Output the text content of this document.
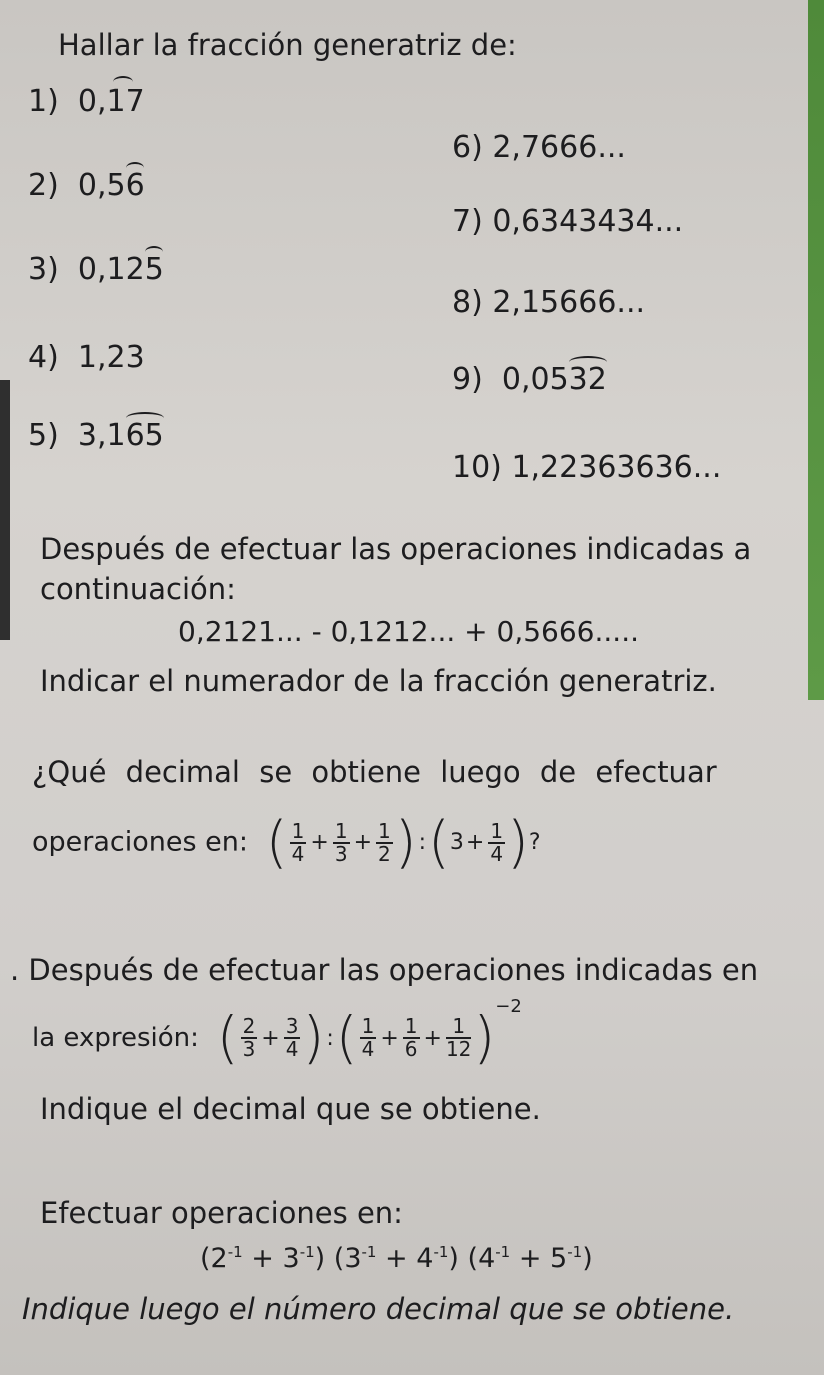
Hallar la fracción generatriz de:
1) 0,17
2) 0,56
3) 0,125
4) 1,23
5) 3,165
6) 2,7666...
7) 0,6343434...
8) 2,15666...
9) 0,0532
10) 1,22363636...
Después de efectuar las operaciones indicadas a
continuación:
0,2121... - 0,1212... + 0,5666.....
Indicar el numerador de la fracción generatriz.
¿Qué decimal se obtiene luego de efectuar
operaciones en: ( $\frac{1}{4} + \frac{1}{3} + \frac{1}{2}$ ):(3+ $\frac{1}{4}$ )?
. Después de efectuar las operaciones indicadas en
la expresión: ( $\frac{2}{3} + \frac{3}{4}$ ):( $\frac{1}{4} + \frac{1}{6} + \frac{1}{12} )^{-2}$
Indique el decimal que se obtiene.
Efectuar operaciones en:
$(2^{-1} + 3^{-1}) (3^{-1} + 4^{-1}) (4^{-1} + 5^{-1})$
Indique luego el número decimal que se obtiene.
